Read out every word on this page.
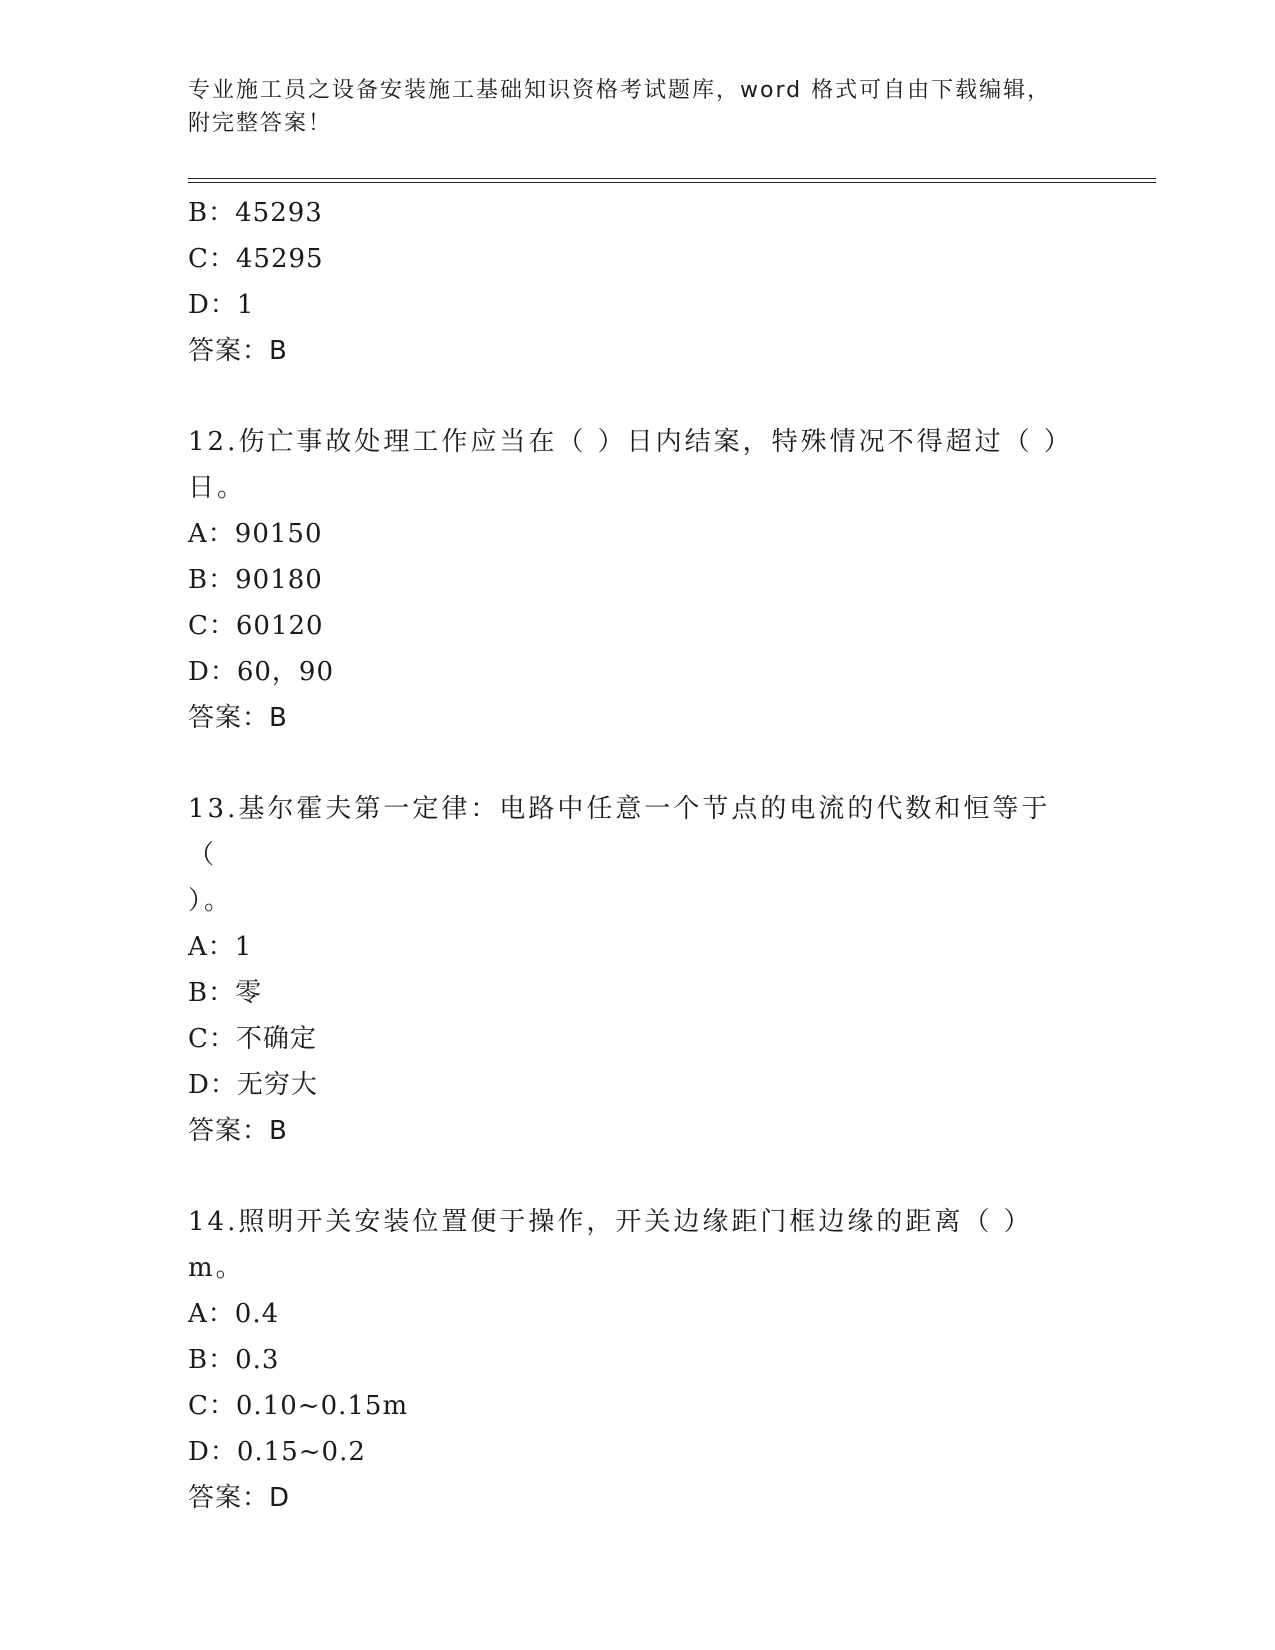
专业施工员之设备安装施工基础知识资格考试题库，word 格式可自由下载编辑，
附完整答案！
B：45293
C：45295
D：1
答案：B
12.伤亡事故处理工作应当在（ ）日内结案，特殊情况不得超过（ ）
日。
A：90150
B：90180
C：60120
D：60，90
答案：B
13.基尔霍夫第一定律：电路中任意一个节点的电流的代数和恒等于（
）。
A：1
B：零
C：不确定
D：无穷大
答案：B
14.照明开关安装位置便于操作，开关边缘距门框边缘的距离（ ）m。
A：0.4
B：0.3
C：0.10~0.15m
D：0.15~0.2
答案：D
